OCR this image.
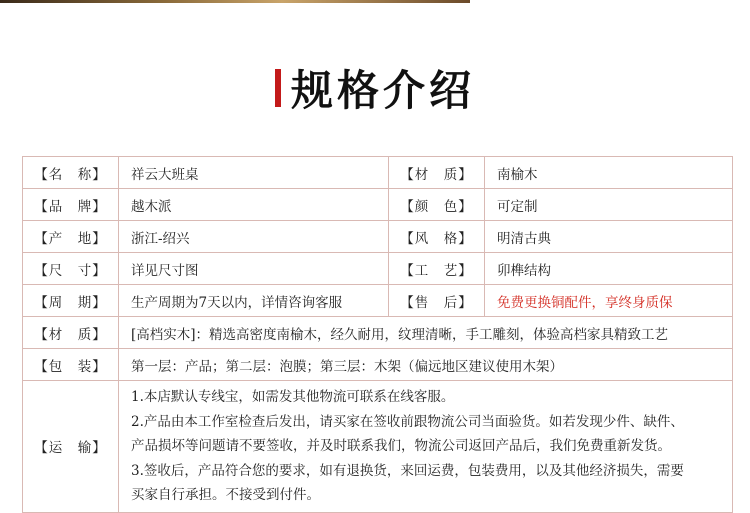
规格介绍
【名　称】	祥云大班桌	【材　质】	南榆木
【品　牌】	越木派	【颜　色】	可定制
【产　地】	浙江-绍兴	【风　格】	明清古典
【尺　寸】	详见尺寸图	【工　艺】	卯榫结构
【周　期】	生产周期为7天以内，详情咨询客服	【售　后】	免费更换铜配件，享终身质保
【材　质】	[高档实木]：精选高密度南榆木，经久耐用，纹理清晰，手工雕刻，体验高档家具精致工艺		
【包　装】	第一层：产品；第二层：泡膜；第三层：木架（偏远地区建议使用木架）		
【运　输】	1.本店默认专线宝，如需发其他物流可联系在线客服。
2.产品由本工作室检查后发出，请买家在签收前跟物流公司当面验货。如若发现少件、缺件、
产品损坏等问题请不要签收，并及时联系我们，物流公司返回产品后，我们免费重新发货。
3.签收后，产品符合您的要求，如有退换货，来回运费，包装费用，以及其他经济损失，需要
买家自行承担。不接受到付件。		
